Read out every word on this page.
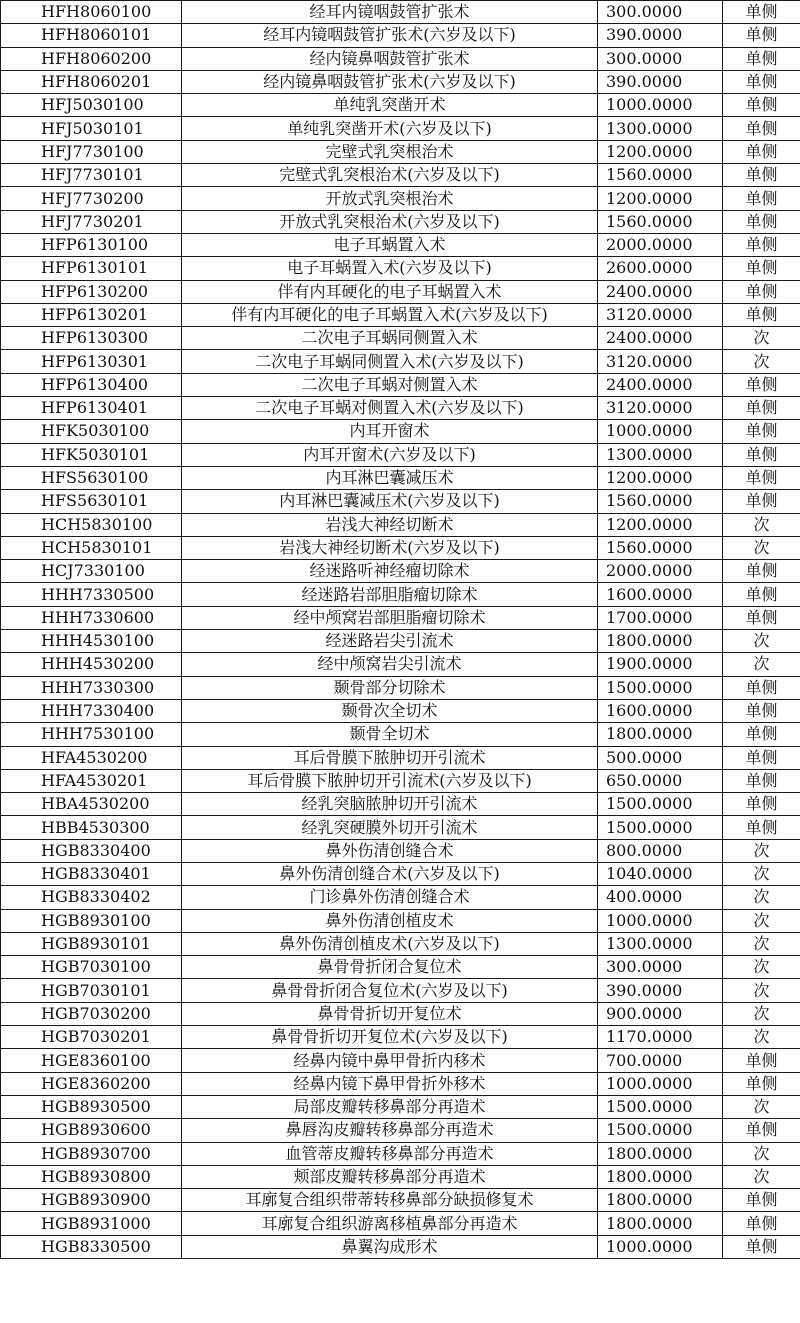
HFH8060100	经耳内镜咽鼓管扩张术	300.0000	单侧
HFH8060101	经耳内镜咽鼓管扩张术(六岁及以下)	390.0000	单侧
HFH8060200	经内镜鼻咽鼓管扩张术	300.0000	单侧
HFH8060201	经内镜鼻咽鼓管扩张术(六岁及以下)	390.0000	单侧
HFJ5030100	单纯乳突凿开术	1000.0000	单侧
HFJ5030101	单纯乳突凿开术(六岁及以下)	1300.0000	单侧
HFJ7730100	完壁式乳突根治术	1200.0000	单侧
HFJ7730101	完壁式乳突根治术(六岁及以下)	1560.0000	单侧
HFJ7730200	开放式乳突根治术	1200.0000	单侧
HFJ7730201	开放式乳突根治术(六岁及以下)	1560.0000	单侧
HFP6130100	电子耳蜗置入术	2000.0000	单侧
HFP6130101	电子耳蜗置入术(六岁及以下)	2600.0000	单侧
HFP6130200	伴有内耳硬化的电子耳蜗置入术	2400.0000	单侧
HFP6130201	伴有内耳硬化的电子耳蜗置入术(六岁及以下)	3120.0000	单侧
HFP6130300	二次电子耳蜗同侧置入术	2400.0000	次
HFP6130301	二次电子耳蜗同侧置入术(六岁及以下)	3120.0000	次
HFP6130400	二次电子耳蜗对侧置入术	2400.0000	单侧
HFP6130401	二次电子耳蜗对侧置入术(六岁及以下)	3120.0000	单侧
HFK5030100	内耳开窗术	1000.0000	单侧
HFK5030101	内耳开窗术(六岁及以下)	1300.0000	单侧
HFS5630100	内耳淋巴囊减压术	1200.0000	单侧
HFS5630101	内耳淋巴囊减压术(六岁及以下)	1560.0000	单侧
HCH5830100	岩浅大神经切断术	1200.0000	次
HCH5830101	岩浅大神经切断术(六岁及以下)	1560.0000	次
HCJ7330100	经迷路听神经瘤切除术	2000.0000	单侧
HHH7330500	经迷路岩部胆脂瘤切除术	1600.0000	单侧
HHH7330600	经中颅窝岩部胆脂瘤切除术	1700.0000	单侧
HHH4530100	经迷路岩尖引流术	1800.0000	次
HHH4530200	经中颅窝岩尖引流术	1900.0000	次
HHH7330300	颞骨部分切除术	1500.0000	单侧
HHH7330400	颞骨次全切术	1600.0000	单侧
HHH7530100	颞骨全切术	1800.0000	单侧
HFA4530200	耳后骨膜下脓肿切开引流术	500.0000	单侧
HFA4530201	耳后骨膜下脓肿切开引流术(六岁及以下)	650.0000	单侧
HBA4530200	经乳突脑脓肿切开引流术	1500.0000	单侧
HBB4530300	经乳突硬膜外切开引流术	1500.0000	单侧
HGB8330400	鼻外伤清创缝合术	800.0000	次
HGB8330401	鼻外伤清创缝合术(六岁及以下)	1040.0000	次
HGB8330402	门诊鼻外伤清创缝合术	400.0000	次
HGB8930100	鼻外伤清创植皮术	1000.0000	次
HGB8930101	鼻外伤清创植皮术(六岁及以下)	1300.0000	次
HGB7030100	鼻骨骨折闭合复位术	300.0000	次
HGB7030101	鼻骨骨折闭合复位术(六岁及以下)	390.0000	次
HGB7030200	鼻骨骨折切开复位术	900.0000	次
HGB7030201	鼻骨骨折切开复位术(六岁及以下)	1170.0000	次
HGE8360100	经鼻内镜中鼻甲骨折内移术	700.0000	单侧
HGE8360200	经鼻内镜下鼻甲骨折外移术	1000.0000	单侧
HGB8930500	局部皮瓣转移鼻部分再造术	1500.0000	次
HGB8930600	鼻唇沟皮瓣转移鼻部分再造术	1500.0000	单侧
HGB8930700	血管蒂皮瓣转移鼻部分再造术	1800.0000	次
HGB8930800	颊部皮瓣转移鼻部分再造术	1800.0000	次
HGB8930900	耳廓复合组织带蒂转移鼻部分缺损修复术	1800.0000	单侧
HGB8931000	耳廓复合组织游离移植鼻部分再造术	1800.0000	单侧
HGB8330500	鼻翼沟成形术	1000.0000	单侧
